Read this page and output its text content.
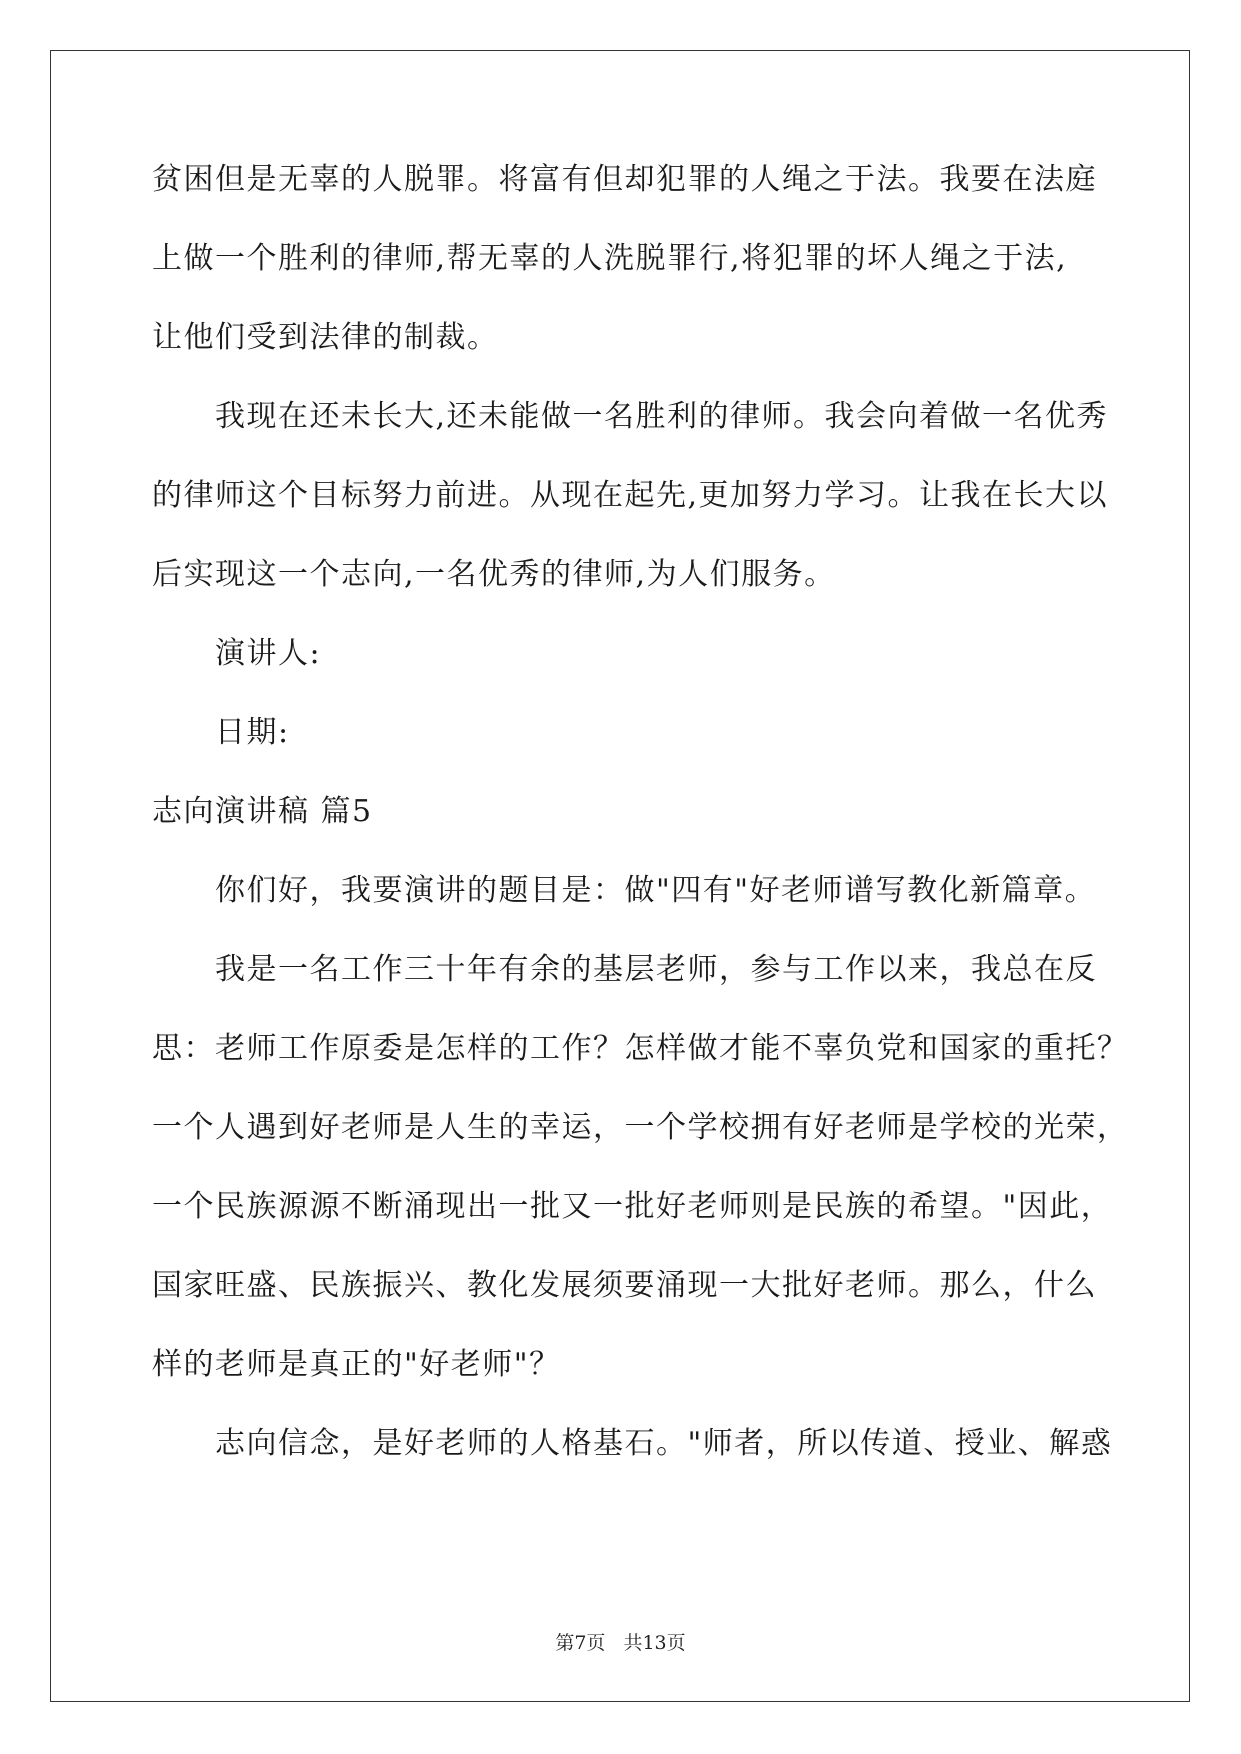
贫困但是无辜的人脱罪。将富有但却犯罪的人绳之于法。我要在法庭
上做一个胜利的律师,帮无辜的人洗脱罪行,将犯罪的坏人绳之于法,
让他们受到法律的制裁。
我现在还未长大,还未能做一名胜利的律师。我会向着做一名优秀
的律师这个目标努力前进。从现在起先,更加努力学习。让我在长大以
后实现这一个志向,一名优秀的律师,为人们服务。
演讲人:
日期:
志向演讲稿 篇5
你们好，我要演讲的题目是：做"四有"好老师谱写教化新篇章。
我是一名工作三十年有余的基层老师，参与工作以来，我总在反
思：老师工作原委是怎样的工作？怎样做才能不辜负党和国家的重托？
一个人遇到好老师是人生的幸运，一个学校拥有好老师是学校的光荣，
一个民族源源不断涌现出一批又一批好老师则是民族的希望。"因此，
国家旺盛、民族振兴、教化发展须要涌现一大批好老师。那么，什么
样的老师是真正的"好老师"？
志向信念，是好老师的人格基石。"师者，所以传道、授业、解惑
第7页 共13页
